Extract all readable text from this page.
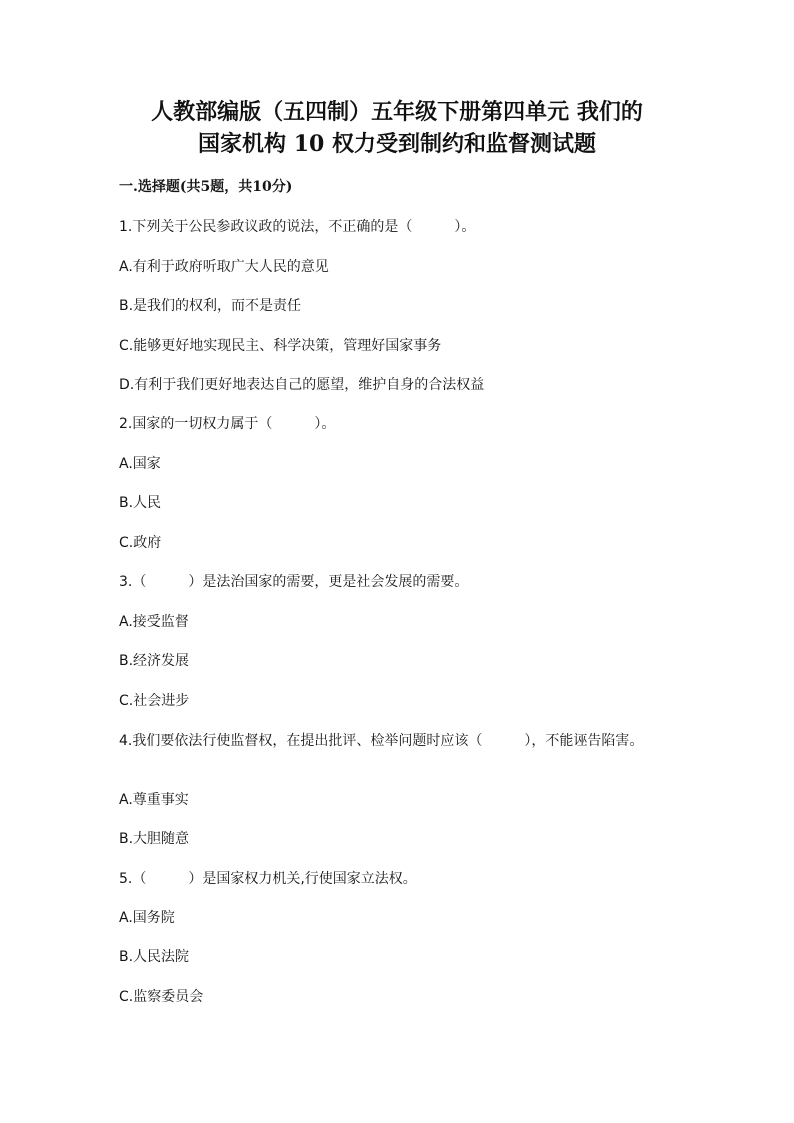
人教部编版（五四制）五年级下册第四单元 我们的
国家机构 10 权力受到制约和监督测试题
一.选择题(共5题，共10分)
1.下列关于公民参政议政的说法，不正确的是（　　　）。
A.有利于政府听取广大人民的意见
B.是我们的权利，而不是责任
C.能够更好地实现民主、科学决策，管理好国家事务
D.有利于我们更好地表达自己的愿望，维护自身的合法权益
2.国家的一切权力属于（　　　）。
A.国家
B.人民
C.政府
3.（　　　）是法治国家的需要，更是社会发展的需要。
A.接受监督
B.经济发展
C.社会进步
4.我们要依法行使监督权，在提出批评、检举问题时应该（　　　），不能诬告陷害。
A.尊重事实
B.大胆随意
5.（　　　）是国家权力机关,行使国家立法权。
A.国务院
B.人民法院
C.监察委员会
